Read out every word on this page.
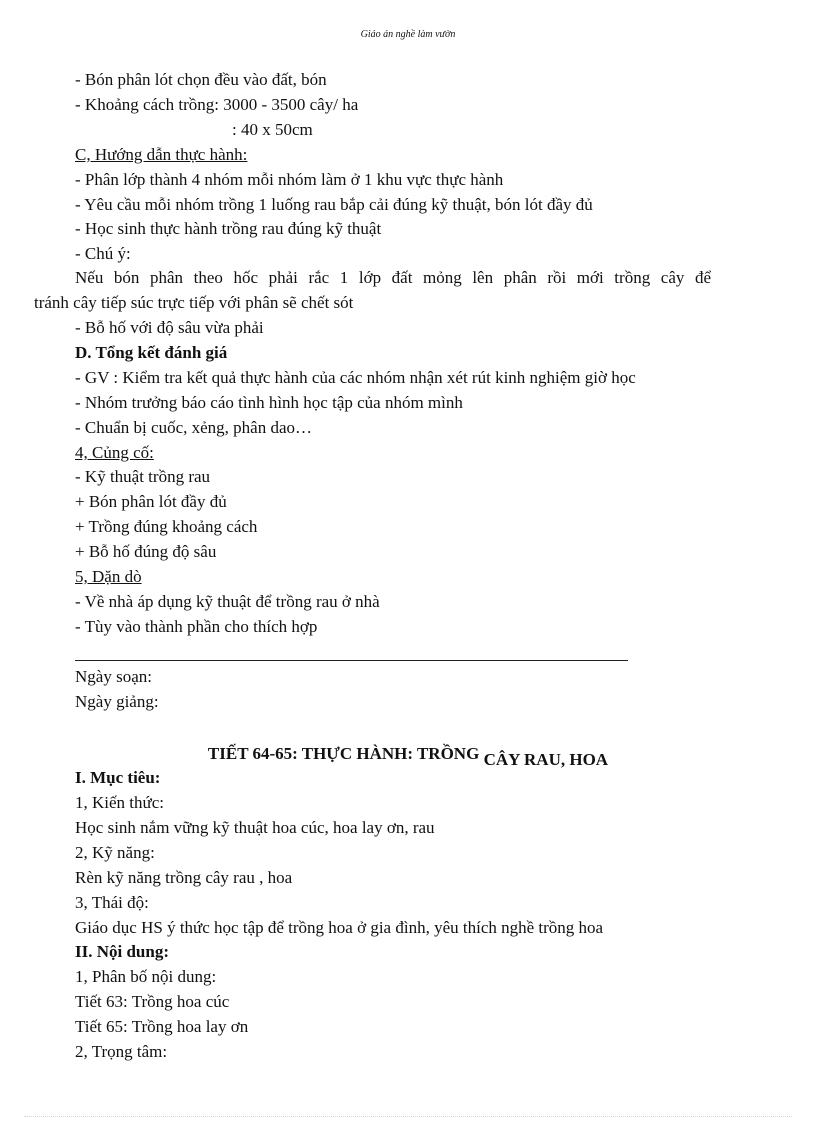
Giáo án nghề làm vườn
- Bón phân lót chọn đều vào đất, bón
- Khoảng cách trồng: 3000 - 3500 cây/ ha
: 40 x 50cm
C, Hướng dẫn thực hành:
- Phân lớp thành 4 nhóm mỗi nhóm làm ở 1 khu vực thực hành
- Yêu cầu mỗi nhóm trồng 1 luống rau bắp cải đúng kỹ thuật, bón lót đầy đủ
- Học sinh thực hành trồng rau đúng kỹ thuật
- Chú ý:
Nếu bón phân theo hốc phải rắc 1 lớp đất mỏng lên phân rồi mới trồng cây để
tránh cây tiếp súc trực tiếp với phân sẽ chết sót
- Bỗ hố với độ sâu vừa phải
D. Tổng kết đánh giá
- GV : Kiểm tra kết quả thực hành của các nhóm nhận xét rút kinh nghiệm giờ học
- Nhóm trưởng báo cáo tình hình học tập của nhóm mình
- Chuẩn bị cuốc, xẻng, phân dao…
4, Củng cố:
- Kỹ thuật trồng rau
+ Bón phân lót đầy đủ
+ Trồng đúng khoảng cách
+ Bỗ hố đúng độ sâu
5, Dặn dò
- Về nhà áp dụng kỹ thuật để trồng rau ở nhà
- Tùy vào thành phần cho thích hợp
Ngày soạn:
Ngày giảng:
TIẾT 64-65: THỰC HÀNH: TRỒNG CÂY RAU, HOA
I. Mục tiêu:
1, Kiến thức:
Học sinh nắm vững kỹ thuật hoa cúc, hoa lay ơn, rau
2, Kỹ năng:
Rèn kỹ năng trồng cây rau , hoa
3, Thái độ:
Giáo dục HS ý thức học tập để trồng hoa ở gia đình, yêu thích nghề trồng hoa
II. Nội dung:
1, Phân bố nội dung:
Tiết 63: Trồng hoa cúc
Tiết 65: Trồng hoa lay ơn
2, Trọng tâm:
